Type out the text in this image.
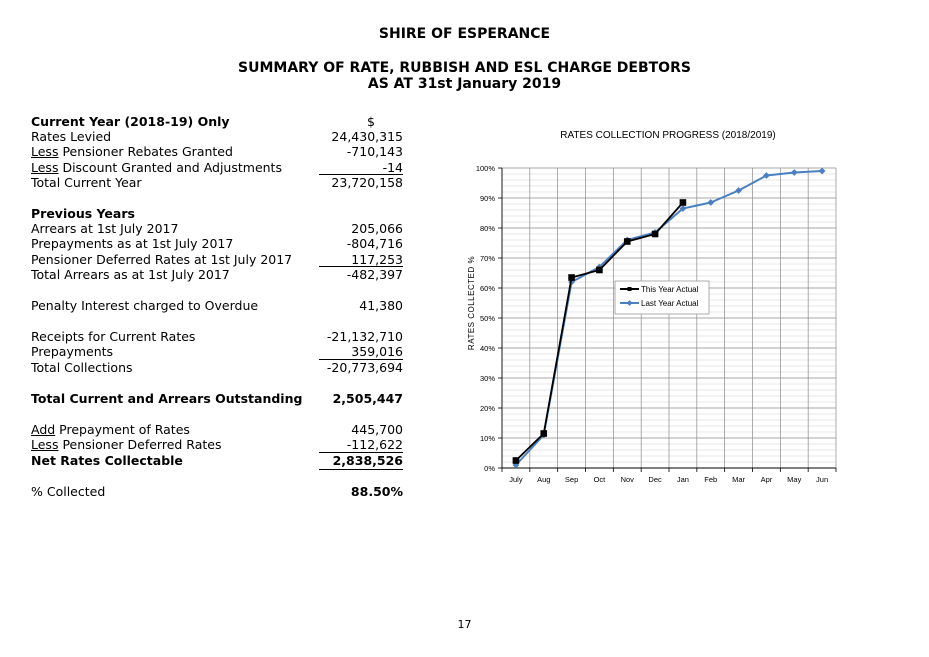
SHIRE OF ESPERANCE
SUMMARY OF RATE, RUBBISH AND ESL CHARGE DEBTORS
AS AT 31st January 2019
Current Year (2018-19) Only	$
Rates Levied	24,430,315
Less Pensioner Rebates Granted	-710,143
Less Discount Granted and Adjustments	-14
Total Current Year	23,720,158
Previous Years
Arrears at 1st July 2017	205,066
Prepayments as at 1st July 2017	-804,716
Pensioner Deferred Rates at 1st July 2017	117,253
Total Arrears as at 1st July 2017	-482,397
Penalty Interest charged to Overdue	41,380
Receipts for Current Rates	-21,132,710
Prepayments	359,016
Total Collections	-20,773,694
Total Current and Arrears Outstanding 2,505,447
Add Prepayment of Rates	445,700
Less Pensioner Deferred Rates	-112,622
Net Rates Collectable	2,838,526
% Collected	88.50%
RATES COLLECTION PROGRESS (2018/2019)
RATES COLLECTED %
0%
10%
20%
30%
40%
50%
60%
70%
80%
90%
100%
July Aug Sep Oct Nov Dec Jan Feb Mar Apr May Jun
This Year Actual
Last Year Actual
17
